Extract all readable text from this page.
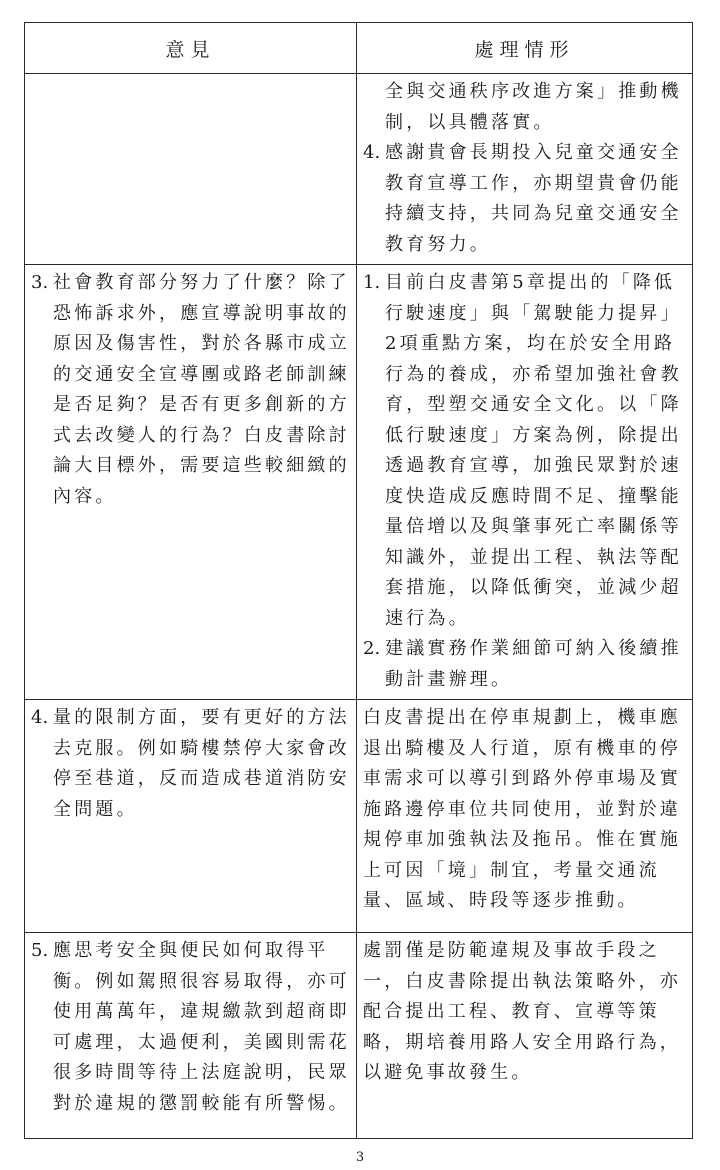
意見	處理情形

	全與交通秩序改進方案」推動機制，以具體落實。
4. 感謝貴會長期投入兒童交通安全教育宣導工作，亦期望貴會仍能持續支持，共同為兒童交通安全教育努力。

3. 社會教育部分努力了什麼？除了恐怖訴求外，應宣導說明事故的原因及傷害性，對於各縣市成立的交通安全宣導團或路老師訓練是否足夠？是否有更多創新的方式去改變人的行為？白皮書除討論大目標外，需要這些較細緻的內容。	1. 目前白皮書第5章提出的「降低行駛速度」與「駕駛能力提昇」2項重點方案，均在於安全用路行為的養成，亦希望加強社會教育，型塑交通安全文化。以「降低行駛速度」方案為例，除提出透過教育宣導，加強民眾對於速度快造成反應時間不足、撞擊能量倍增以及與肇事死亡率關係等知識外，並提出工程、執法等配套措施，以降低衝突，並減少超速行為。
2. 建議實務作業細節可納入後續推動計畫辦理。

4. 量的限制方面，要有更好的方法去克服。例如騎樓禁停大家會改停至巷道，反而造成巷道消防安全問題。	白皮書提出在停車規劃上，機車應退出騎樓及人行道，原有機車的停車需求可以導引到路外停車場及實施路邊停車位共同使用，並對於違規停車加強執法及拖吊。惟在實施上可因「境」制宜，考量交通流量、區域、時段等逐步推動。

5. 應思考安全與便民如何取得平衡。例如駕照很容易取得，亦可使用萬萬年，違規繳款到超商即可處理，太過便利，美國則需花很多時間等待上法庭說明，民眾對於違規的懲罰較能有所警惕。	處罰僅是防範違規及事故手段之一，白皮書除提出執法策略外，亦配合提出工程、教育、宣導等策略，期培養用路人安全用路行為，以避免事故發生。
3
